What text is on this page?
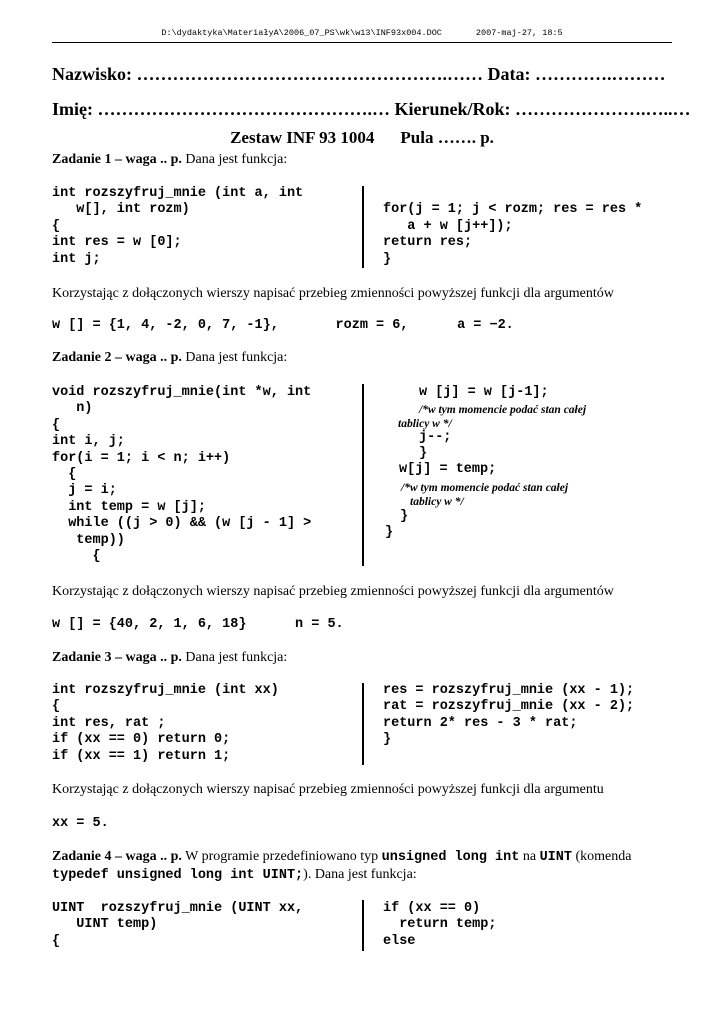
D:\dydaktyka\MateriałyA\2006_07_PS\wk\w13\INF93x004.DOC	2007-maj-27, 18:5
Nazwisko: …………………………………………….…… Data: ………….………
Imię: ……………………………………….… Kierunek/Rok: ………………….…..…
Zestaw INF 93 1004 Pula ……. p.
Zadanie 1 – waga .. p. Dana jest funkcja:
int rozszyfruj_mnie (int a, int
w[], int rozm)
{
int res = w [0];
int j;

for(j = 1; j < rozm; res = res *
a + w [j++]);
return res;
}
Korzystając z dołączonych wierszy napisać przebieg zmienności powyższej funkcji dla argumentów
w [] = {1, 4, -2, 0, 7, -1},       rozm = 6,      a = −2.
Zadanie 2 – waga .. p. Dana jest funkcja:
void rozszyfruj_mnie(int *w, int
n)
{
int i, j;
for(i = 1; i < n; i++)
{
j = i;
int temp = w [j];
while ((j > 0) && (w [j - 1] >
temp))
{
w [j] = w [j-1];
/*w tym momencie podać stan całej
tablicy w */
j--;
}
w[j] = temp;
/*w tym momencie podać stan całej
tablicy w */
}
}
Korzystając z dołączonych wierszy napisać przebieg zmienności powyższej funkcji dla argumentów
w [] = {40, 2, 1, 6, 18}      n = 5.
Zadanie 3 – waga .. p. Dana jest funkcja:
int rozszyfruj_mnie (int xx)
{
int res, rat ;
if (xx == 0) return 0;
if (xx == 1) return 1;
res = rozszyfruj_mnie (xx - 1);
rat = rozszyfruj_mnie (xx - 2);
return 2* res - 3 * rat;
}
Korzystając z dołączonych wierszy napisać przebieg zmienności powyższej funkcji dla argumentu
xx = 5.
Zadanie 4 – waga .. p. W programie przedefiniowano typ unsigned long int na UINT (komenda
typedef unsigned long int UINT;). Dana jest funkcja:
UINT  rozszyfruj_mnie (UINT xx,
UINT temp)
{
if (xx == 0)
return temp;
else
